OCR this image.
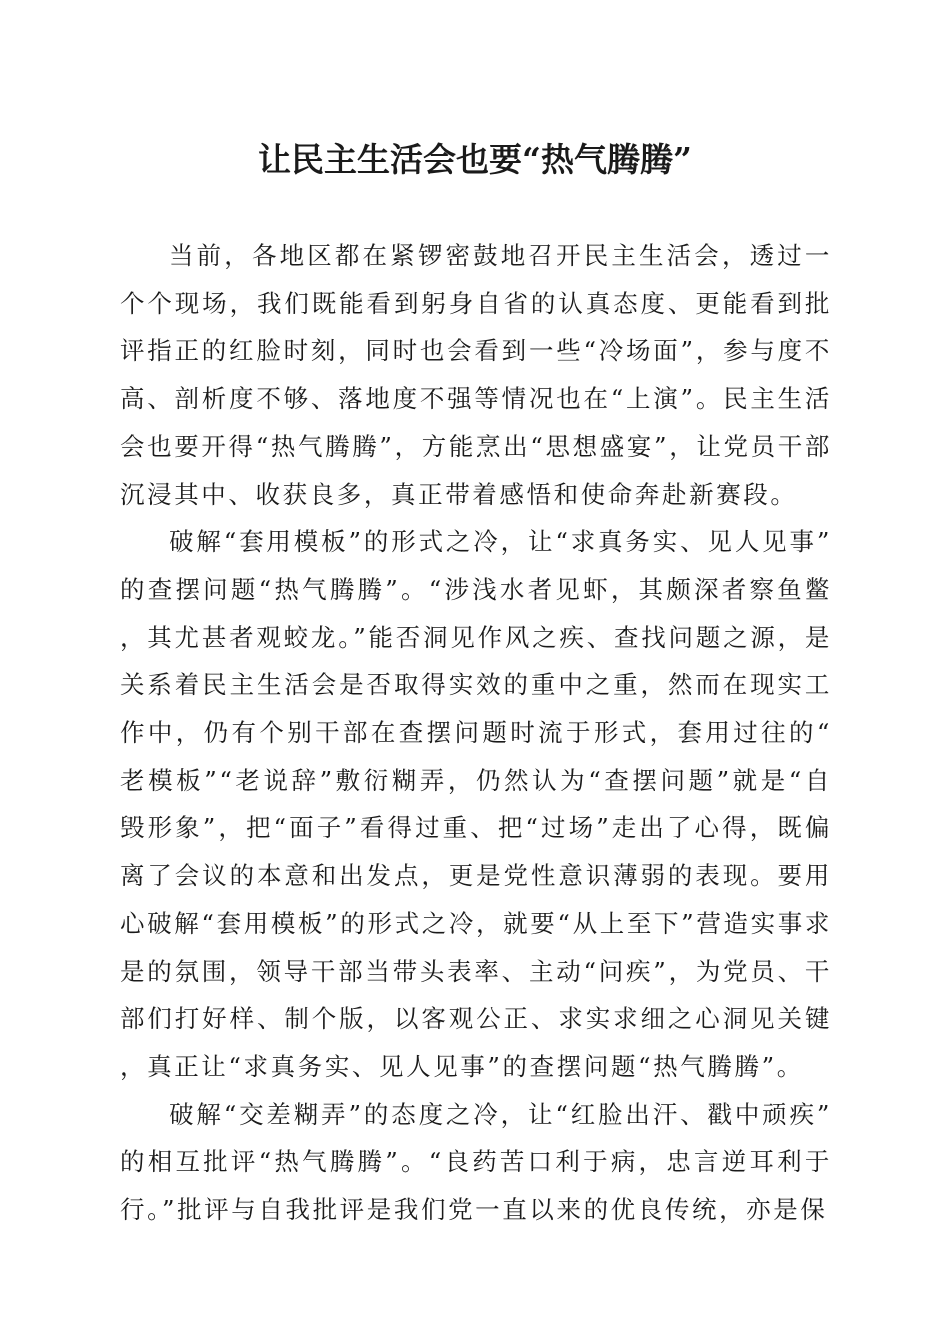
让民主生活会也要“热气腾腾”

当前，各地区都在紧锣密鼓地召开民主生活会，透过一个个现场，我们既能看到躬身自省的认真态度、更能看到批评指正的红脸时刻，同时也会看到一些“冷场面”，参与度不高、剖析度不够、落地度不强等情况也在“上演”。民主生活会也要开得“热气腾腾”，方能烹出“思想盛宴”，让党员干部沉浸其中、收获良多，真正带着感悟和使命奔赴新赛段。

破解“套用模板”的形式之冷，让“求真务实、见人见事”的查摆问题“热气腾腾”。“涉浅水者见虾，其颇深者察鱼鳖，其尤甚者观蛟龙。”能否洞见作风之疾、查找问题之源，是关系着民主生活会是否取得实效的重中之重，然而在现实工作中，仍有个别干部在查摆问题时流于形式，套用过往的“老模板”“老说辞”敷衍糊弄，仍然认为“查摆问题”就是“自毁形象”，把“面子”看得过重、把“过场”走出了心得，既偏离了会议的本意和出发点，更是党性意识薄弱的表现。要用心破解“套用模板”的形式之冷，就要“从上至下”营造实事求是的氛围，领导干部当带头表率、主动“问疾”，为党员、干部们打好样、制个版，以客观公正、求实求细之心洞见关键，真正让“求真务实、见人见事”的查摆问题“热气腾腾”。

破解“交差糊弄”的态度之冷，让“红脸出汗、戳中顽疾”的相互批评“热气腾腾”。“良药苦口利于病，忠言逆耳利于行。”批评与自我批评是我们党一直以来的优良传统，亦是保
